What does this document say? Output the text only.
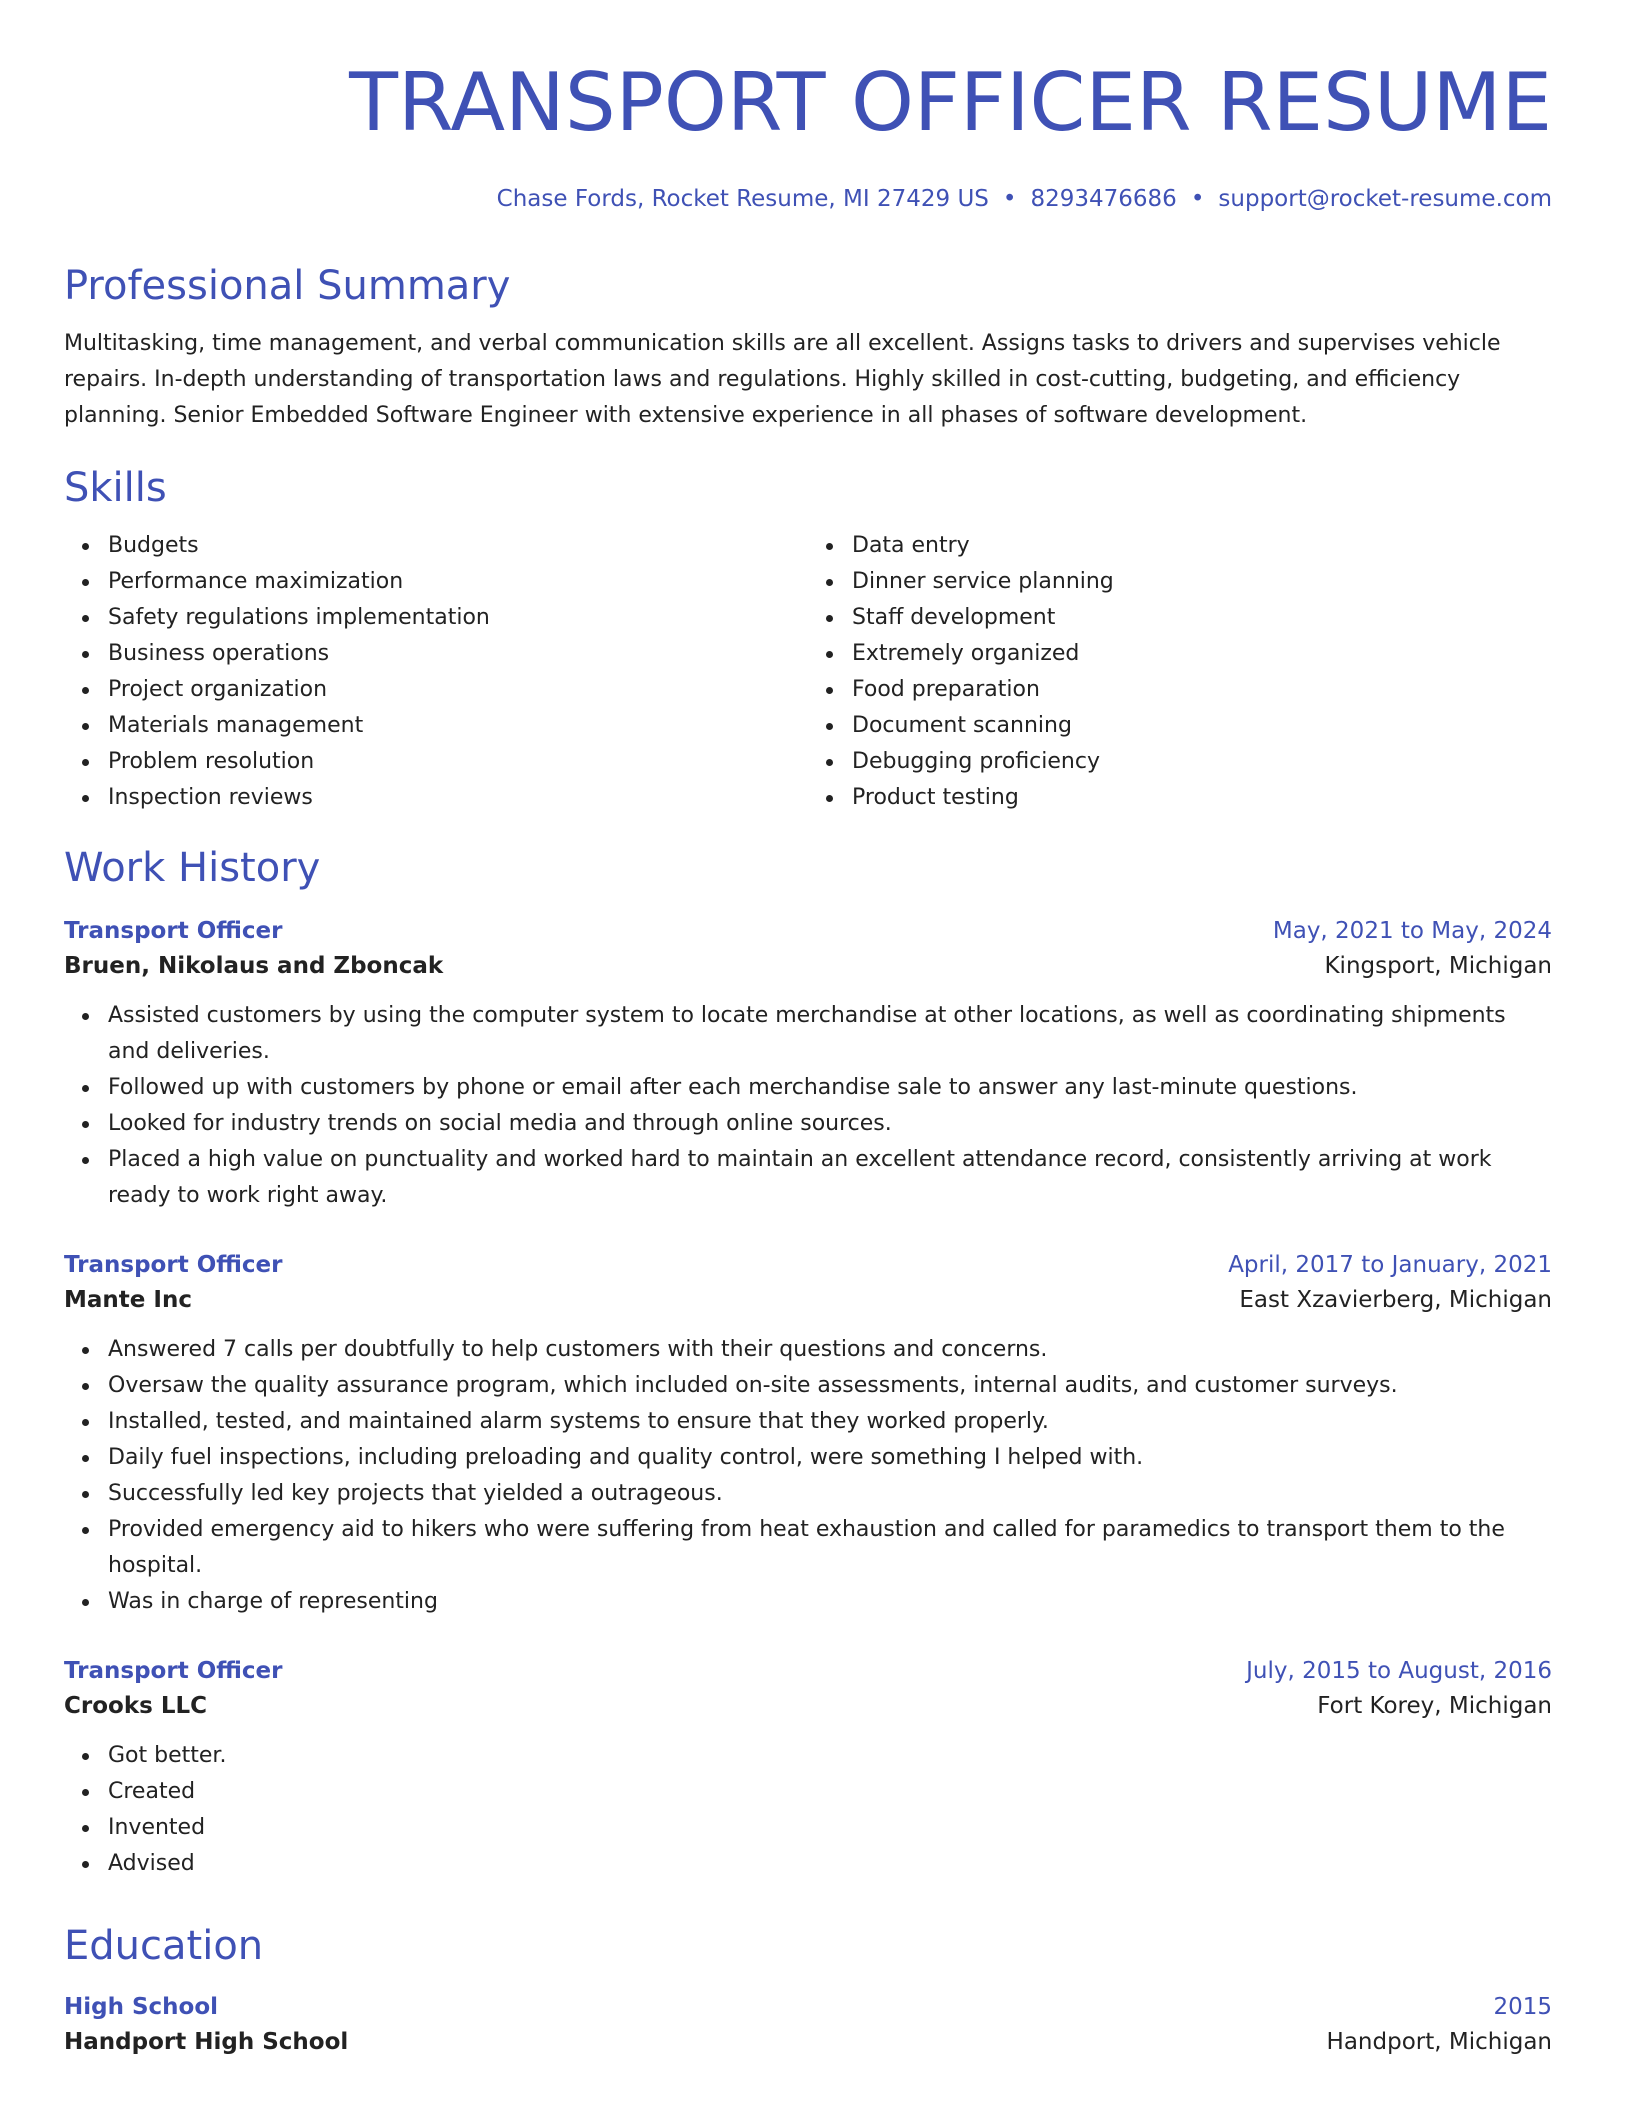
TRANSPORT OFFICER RESUME
Chase Fords, Rocket Resume, MI 27429 US • 8293476686 • support@rocket-resume.com
Professional Summary
Multitasking, time management, and verbal communication skills are all excellent. Assigns tasks to drivers and supervises vehicle repairs. In-depth understanding of transportation laws and regulations. Highly skilled in cost-cutting, budgeting, and efficiency planning. Senior Embedded Software Engineer with extensive experience in all phases of software development.
Skills
Budgets
Performance maximization
Safety regulations implementation
Business operations
Project organization
Materials management
Problem resolution
Inspection reviews
Data entry
Dinner service planning
Staff development
Extremely organized
Food preparation
Document scanning
Debugging proficiency
Product testing
Work History
Transport Officer	May, 2021 to May, 2024
Bruen, Nikolaus and Zboncak	Kingsport, Michigan
Assisted customers by using the computer system to locate merchandise at other locations, as well as coordinating shipments and deliveries.
Followed up with customers by phone or email after each merchandise sale to answer any last-minute questions.
Looked for industry trends on social media and through online sources.
Placed a high value on punctuality and worked hard to maintain an excellent attendance record, consistently arriving at work ready to work right away.
Transport Officer	April, 2017 to January, 2021
Mante Inc	East Xzavierberg, Michigan
Answered 7 calls per doubtfully to help customers with their questions and concerns.
Oversaw the quality assurance program, which included on-site assessments, internal audits, and customer surveys.
Installed, tested, and maintained alarm systems to ensure that they worked properly.
Daily fuel inspections, including preloading and quality control, were something I helped with.
Successfully led key projects that yielded a outrageous.
Provided emergency aid to hikers who were suffering from heat exhaustion and called for paramedics to transport them to the hospital.
Was in charge of representing
Transport Officer	July, 2015 to August, 2016
Crooks LLC	Fort Korey, Michigan
Got better.
Created
Invented
Advised
Education
High School	2015
Handport High School	Handport, Michigan
